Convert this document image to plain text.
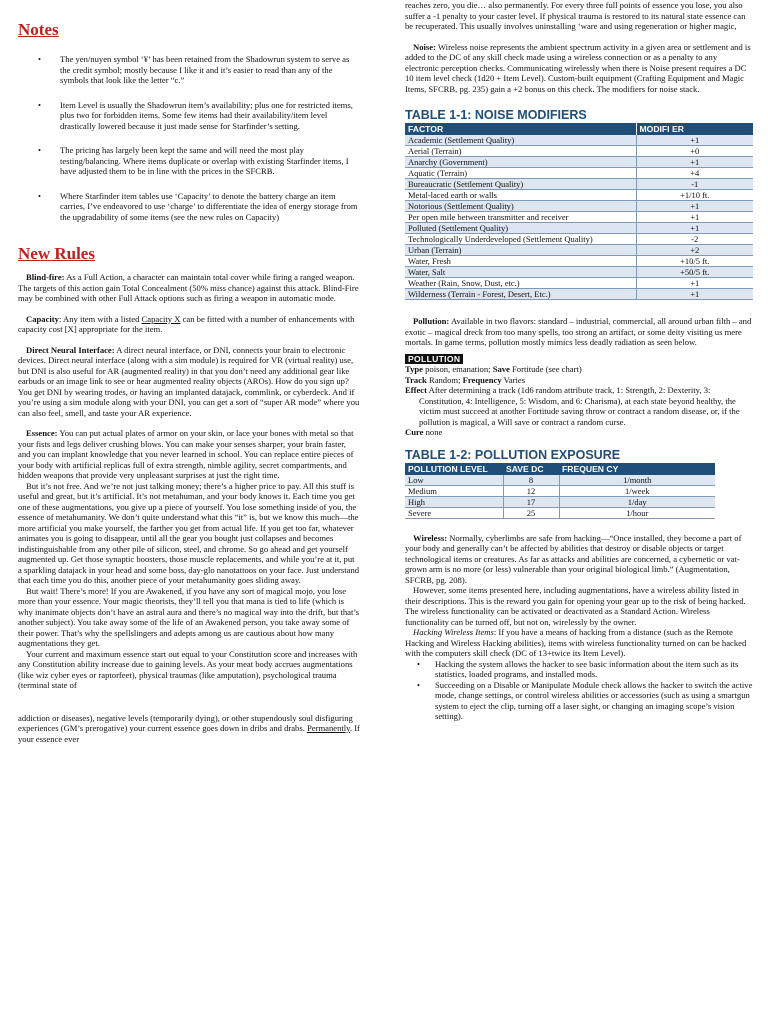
Notes
• The yen/nuyen symbol ‘¥’ has been retained from the Shadowrun system to serve as the credit symbol; mostly because I like it and it’s easier to read than any of the symbols that look like the letter “c.”
• Item Level is usually the Shadowrun item’s availability; plus one for restricted items, plus two for forbidden items. Some few items had their availability/item level drastically lowered because it just made sense for Starfinder’s setting.
• The pricing has largely been kept the same and will need the most play testing/balancing. Where items duplicate or overlap with existing Starfinder items, I have adjusted them to be in line with the prices in the SFCRB.
• Where Starfinder item tables use ‘Capacity’ to denote the battery charge an item carries, I’ve endeavored to use ‘charge’ to differentiate the idea of energy storage from the upgradability of some items (see the new rules on Capacity)
New Rules

Blind-fire: As a Full Action, a character can maintain total cover while firing a ranged weapon. The targets of this action gain Total Concealment (50% miss chance) against this attack. Blind-Fire may be combined with other Full Attack options such as firing a weapon in automatic mode.

Capacity: Any item with a listed Capacity X can be fitted with a number of enhancements with capacity cost [X] appropriate for the item.

Direct Neural Interface: A direct neural interface, or DNI, connects your brain to electronic devices. Direct neural interface (along with a sim module) is required for VR (virtual reality) use, but DNI is also useful for AR (augmented reality) in that you don’t need any additional gear like earbuds or an image link to see or hear augmented reality objects (AROs). How do you sign up? You get DNI by wearing trodes, or having an implanted datajack, commlink, or cyberdeck. And if you’re using a sim module along with your DNI, you can get a sort of “super AR mode” where you can also feel, smell, and taste your AR experience.

Essence: You can put actual plates of armor on your skin, or lace your bones with metal so that your fists and legs deliver crushing blows. You can make your senses sharper, your brain faster, and you can implant knowledge that you never learned in school. You can replace entire pieces of your body with artificial replicas full of extra strength, nimble agility, secret compartments, and hidden weapons that provide very unpleasant surprises at just the right time.

But it’s not free. And we’re not just talking money; there’s a higher price to pay. All this stuff is useful and great, but it’s artificial. It’s not metahuman, and your body knows it. Each time you get one of these augmentations, you give up a piece of yourself. You lose something inside of you, the essence of metahumanity. We don’t quite understand what this “it” is, but we know this much—the more artificial you make yourself, the farther you get from actual life. If you get too far, whatever animates you is going to disappear, until all the gear you bought just collapses and becomes indistinguishable from any other pile of silicon, steel, and chrome. So go ahead and get yourself augmented up. Get those synaptic boosters, those muscle replacements, and while you’re at it, put a sparkling datajack in your head and some boss, day-glo nanotattoos on your face. Just understand that each time you do this, another piece of your metahumanity goes sliding away.

But wait! There’s more! If you are Awakened, if you have any sort of magical mojo, you lose more than your essence. Your magic theorists, they’ll tell you that mana is tied to life (which is why inanimate objects don’t have an astral aura and there’s no magical way into the drift, but that’s another subject). You take away some of the life of an Awakened person, you take away some of their power. That’s why the spellslingers and adepts among us are cautious about how many augmentations they get.

Your current and maximum essence start out equal to your Constitution score and increases with any Constitution ability increase due to gaining levels. As your meat body accrues augmentations (like wiz cyber eyes or raptorfeet), physical traumas (like amputation), psychological trauma (terminal state of

addiction or diseases), negative levels (temporarily dying), or other stupendously soul disfiguring experiences (GM’s prerogative) your current essence goes down in dribs and drabs. Permanently. If your essence ever

reaches zero, you die… also permanently. For every three full points of essence you lose, you also suffer a -1 penalty to your caster level. If physical trauma is restored to its natural state essence can be recuperated. This usually involves uninstalling ‘ware and using regeneration or higher magic,

Noise: Wireless noise represents the ambient spectrum activity in a given area or settlement and is added to the DC of any skill check made using a wireless connection or as a penalty to any electronic perception checks. Communicating wirelessly when there is Noise present requires a DC 10 item level check (1d20 + Item Level). Custom-built equipment (Crafting Equipment and Magic Items, SFCRB, pg. 235) gain a +2 bonus on this check. The modifiers for noise stack.

TABLE 1-1: NOISE MODIFIERS
FACTOR	MODIFI ER
Academic (Settlement Quality)	+1
Aerial (Terrain)	+0
Anarchy (Government)	+1
Aquatic (Terrain)	+4
Bureaucratic (Settlement Quality)	-1
Metal-laced earth or walls	+1/10 ft.
Notorious (Settlement Quality)	+1
Per open mile between transmitter and receiver	+1
Polluted (Settlement Quality)	+1
Technologically Underdeveloped (Settlement Quality)	-2
Urban (Terrain)	+2
Water, Fresh	+10/5 ft.
Water, Salt	+50/5 ft.
Weather (Rain, Snow, Dust, etc.)	+1
Wilderness (Terrain - Forest, Desert, Etc.)	+1

Pollution: Available in two flavors: standard – industrial, commercial, all around urban filth – and exotic – magical dreck from too many spells, too strong an artifact, or some deity visiting us mere mortals. In game terms, pollution mostly mimics less deadly radiation as seen below.

POLLUTION

Type poison, emanation; Save Fortitude (see chart)

Track Random; Frequency Varies

Effect After determining a track (1d6 random attribute track, 1: Strength, 2: Dexterity, 3: Constitution, 4: Intelligence, 5: Wisdom, and 6: Charisma), at each state beyond healthy, the victim must succeed at another Fortitude saving throw or contract a random disease, or, if the pollution is magical, a Will save or contract a random curse.

Cure none

TABLE 1-2: POLLUTION EXPOSURE
POLLUTION LEVEL	SAVE DC	FREQUEN CY
Low	8	1/month
Medium	12	1/week
High	17	1/day
Severe	25	1/hour

Wireless: Normally, cyberlimbs are safe from hacking—“Once installed, they become a part of your body and generally can’t be affected by abilities that destroy or disable objects or target technological items or creatures. As far as attacks and abilities are concerned, a cybernetic or vat-grown arm is no more (or less) vulnerable than your original biological limb.” (Augmentation, SFCRB, pg. 208).

However, some items presented here, including augmentations, have a wireless ability listed in their descriptions. This is the reward you gain for opening your gear up to the risk of being hacked. The wireless functionality can be activated or deactivated as a Standard Action. Wireless functionality can be turned off, but not on, wirelessly by the owner.

Hacking Wireless Items: If you have a means of hacking from a distance (such as the Remote Hacking and Wireless Hacking abilities), items with wireless functionality turned on can be hacked with the computers skill check (DC of 13+twice its Item Level).

• Hacking the system allows the hacker to see basic information about the item such as its statistics, loaded programs, and installed mods.
• Succeeding on a Disable or Manipulate Module check allows the hacker to switch the active mode, change settings, or control wireless abilities or accessories (such as using a smartgun system to eject the clip, turning off a laser sight, or changing an imaging scope’s vision setting).
